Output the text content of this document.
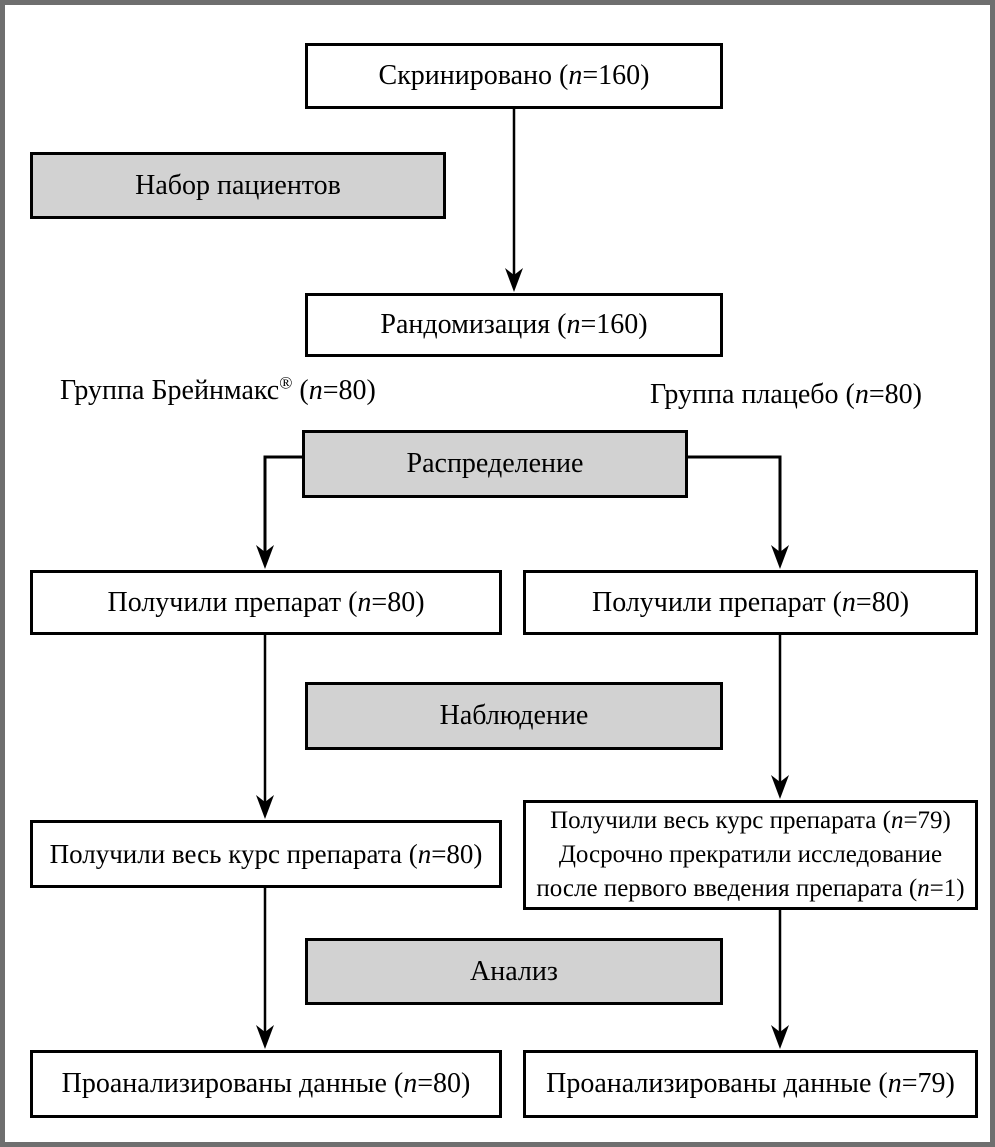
Скринировано (n=160)
Набор пациентов
Рандомизация (n=160)
Группа Брейнмакс® (n=80)	Группа плацебо (n=80)
Распределение
Получили препарат (n=80)	Получили препарат (n=80)
Наблюдение
Получили весь курс препарата (n=80)
Получили весь курс препарата (n=79)
Досрочно прекратили исследование
после первого введения препарата (n=1)
Анализ
Проанализированы данные (n=80)	Проанализированы данные (n=79)
